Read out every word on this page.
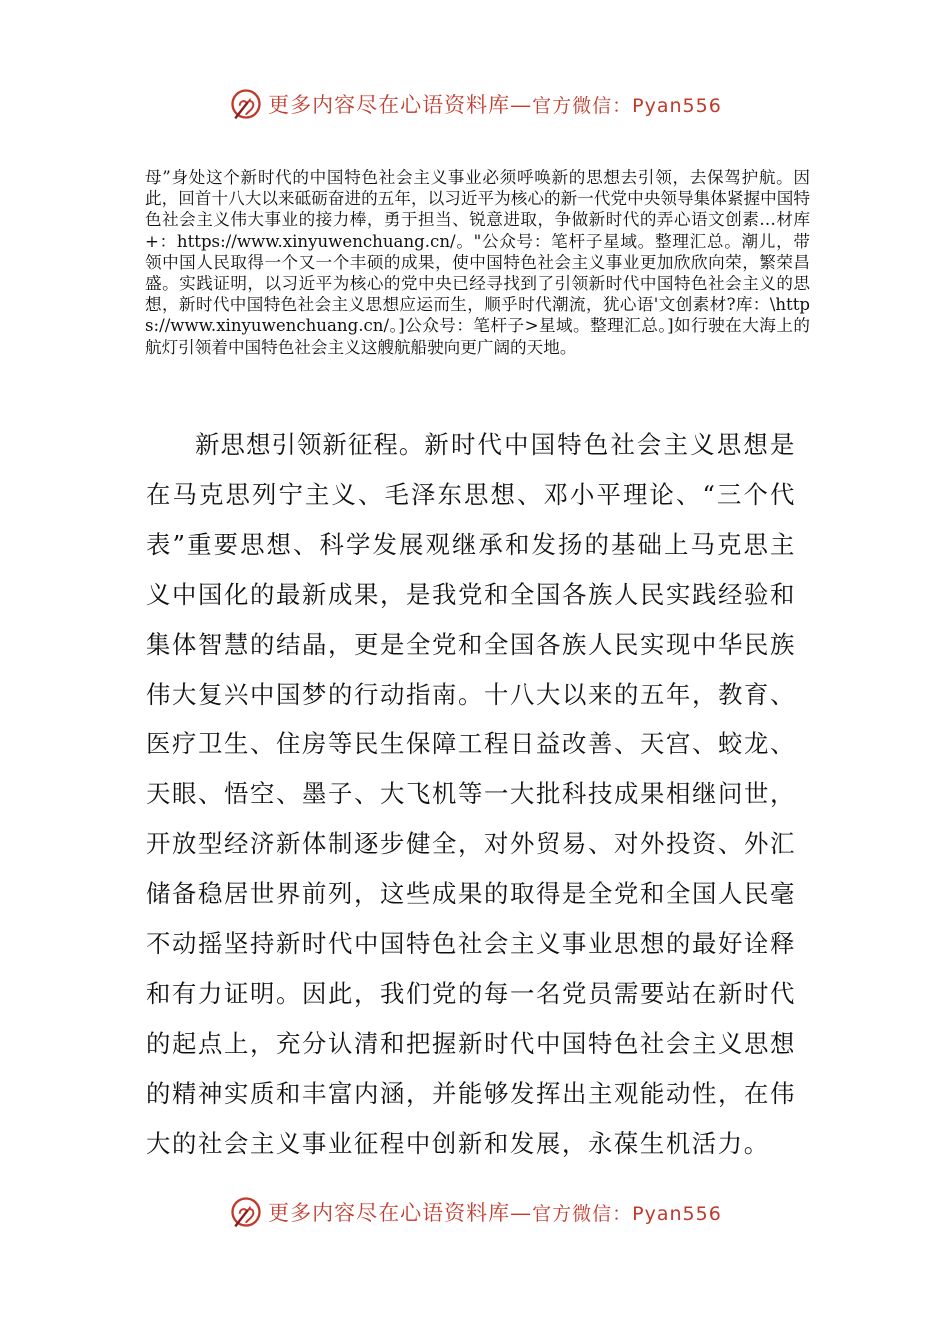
更多内容尽在心语资料库—官方微信：Pyan556

母”身处这个新时代的中国特色社会主义事业必须呼唤新的思想去引领，去保驾护航。因此，回首十八大以来砥砺奋进的五年，以习近平为核心的新一代党中央领导集体紧握中国特色社会主义伟大事业的接力棒，勇于担当、锐意进取，争做新时代的弄心语文创素…材库+：https://www.xinyuwenchuang.cn/。"公众号：笔杆子星域。整理汇总。潮儿，带领中国人民取得一个又一个丰硕的成果，使中国特色社会主义事业更加欣欣向荣，繁荣昌盛。实践证明，以习近平为核心的党中央已经寻找到了引领新时代中国特色社会主义的思想，新时代中国特色社会主义思想应运而生，顺乎时代潮流，犹心语'文创素材?库：\https://www.xinyuwenchuang.cn/。]公众号：笔杆子>星域。整理汇总。]如行驶在大海上的航灯引领着中国特色社会主义这艘航船驶向更广阔的天地。

新思想引领新征程。新时代中国特色社会主义思想是在马克思列宁主义、毛泽东思想、邓小平理论、“三个代表”重要思想、科学发展观继承和发扬的基础上马克思主义中国化的最新成果，是我党和全国各族人民实践经验和集体智慧的结晶，更是全党和全国各族人民实现中华民族伟大复兴中国梦的行动指南。十八大以来的五年，教育、医疗卫生、住房等民生保障工程日益改善、天宫、蛟龙、天眼、悟空、墨子、大飞机等一大批科技成果相继问世，开放型经济新体制逐步健全，对外贸易、对外投资、外汇储备稳居世界前列，这些成果的取得是全党和全国人民毫不动摇坚持新时代中国特色社会主义事业思想的最好诠释和有力证明。因此，我们党的每一名党员需要站在新时代的起点上，充分认清和把握新时代中国特色社会主义思想的精神实质和丰富内涵，并能够发挥出主观能动性，在伟大的社会主义事业征程中创新和发展，永葆生机活力。

更多内容尽在心语资料库—官方微信：Pyan556
